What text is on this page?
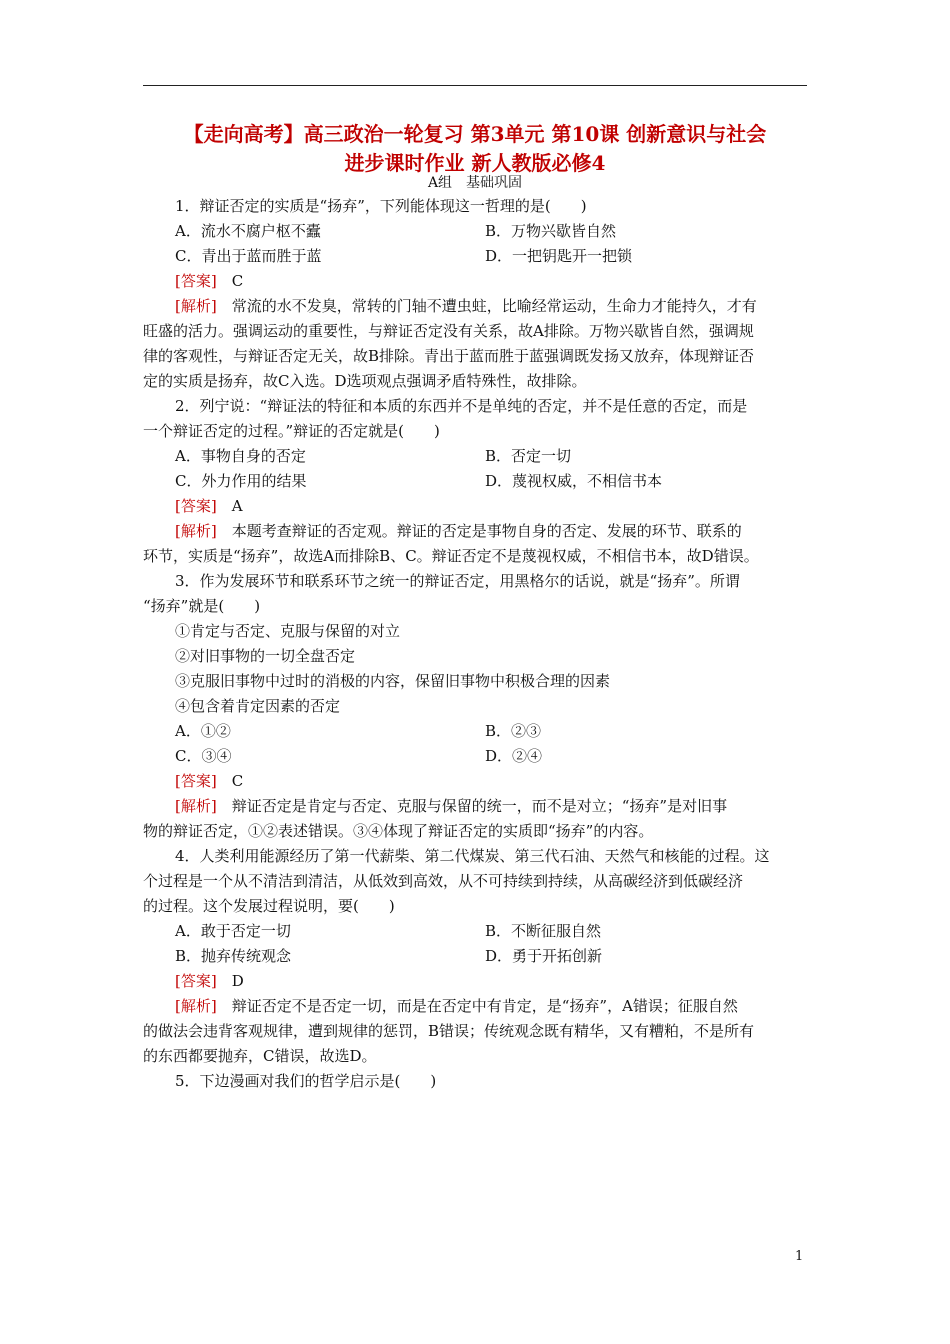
【走向高考】高三政治一轮复习 第3单元 第10课 创新意识与社会
进步课时作业 新人教版必修4
A组　基础巩固
1．辩证否定的实质是“扬弃”，下列能体现这一哲理的是(　　)
A．流水不腐户枢不蠹	B．万物兴歇皆自然
C．青出于蓝而胜于蓝	D．一把钥匙开一把锁
[答案]　 C
[解析]　 常流的水不发臭，常转的门轴不遭虫蛀，比喻经常运动，生命力才能持久，才有
旺盛的活力。强调运动的重要性，与辩证否定没有关系，故A排除。万物兴歇皆自然，强调规
律的客观性，与辩证否定无关，故B排除。青出于蓝而胜于蓝强调既发扬又放弃，体现辩证否
定的实质是扬弃，故C入选。D选项观点强调矛盾特殊性，故排除。
2．列宁说：“辩证法的特征和本质的东西并不是单纯的否定，并不是任意的否定，而是
一个辩证否定的过程。”辩证的否定就是(　　)
A．事物自身的否定	B．否定一切
C．外力作用的结果	D．蔑视权威，不相信书本
[答案]　 A
[解析]　 本题考查辩证的否定观。辩证的否定是事物自身的否定、发展的环节、联系的
环节，实质是“扬弃”，故选A而排除B、C。辩证否定不是蔑视权威，不相信书本，故D错误。
3．作为发展环节和联系环节之统一的辩证否定，用黑格尔的话说，就是“扬弃”。所谓
“扬弃”就是(　　)
①肯定与否定、克服与保留的对立
②对旧事物的一切全盘否定
③克服旧事物中过时的消极的内容，保留旧事物中积极合理的因素
④包含着肯定因素的否定
A．①②	B．②③
C．③④	D．②④
[答案]　 C
[解析]　 辩证否定是肯定与否定、克服与保留的统一，而不是对立；“扬弃”是对旧事
物的辩证否定，①②表述错误。③④体现了辩证否定的实质即“扬弃”的内容。
4．人类利用能源经历了第一代薪柴、第二代煤炭、第三代石油、天然气和核能的过程。这
个过程是一个从不清洁到清洁，从低效到高效，从不可持续到持续，从高碳经济到低碳经济
的过程。这个发展过程说明，要(　　)
A．敢于否定一切	B．不断征服自然
B．抛弃传统观念	D．勇于开拓创新
[答案]　 D
[解析]　 辩证否定不是否定一切，而是在否定中有肯定，是“扬弃”，A错误；征服自然
的做法会违背客观规律，遭到规律的惩罚，B错误；传统观念既有精华，又有糟粕，不是所有
的东西都要抛弃，C错误，故选D。
5．下边漫画对我们的哲学启示是(　　)
1
